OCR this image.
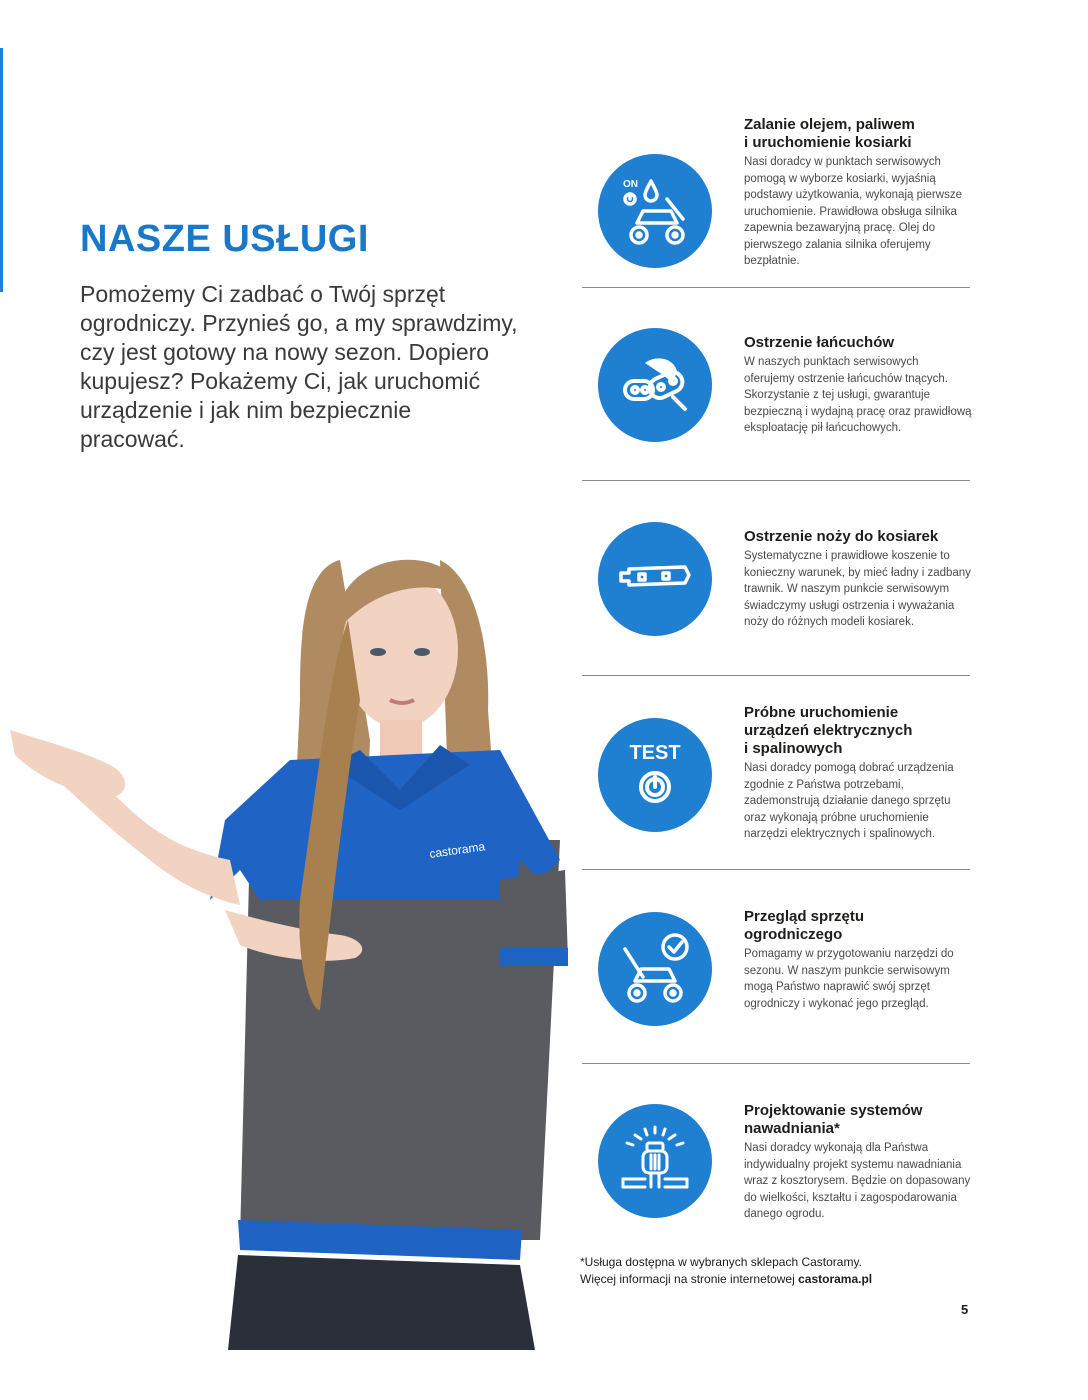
NASZE USŁUGI

Pomożemy Ci zadbać o Twój sprzęt ogrodniczy. Przynieś go, a my sprawdzimy, czy jest gotowy na nowy sezon. Dopiero kupujesz? Pokażemy Ci, jak uruchomić urządzenie i jak nim bezpiecznie pracować.

castorama
ON
Zalanie olejem, paliwem
i uruchomienie kosiarki

Nasi doradcy w punktach serwisowych pomogą w wyborze kosiarki, wyjaśnią podstawy użytkowania, wykonają pierwsze uruchomienie. Prawidłowa obsługa silnika zapewnia bezawaryjną pracę. Olej do pierwszego zalania silnika oferujemy bezpłatnie.

Ostrzenie łańcuchów

W naszych punktach serwisowych oferujemy ostrzenie łańcuchów tnących. Skorzystanie z tej usługi, gwarantuje bezpieczną i wydajną pracę oraz prawidłową eksploatację pił łańcuchowych.

Ostrzenie noży do kosiarek

Systematyczne i prawidłowe koszenie to konieczny warunek, by mieć ładny i zadbany trawnik. W naszym punkcie serwisowym świadczymy usługi ostrzenia i wyważania noży do różnych modeli kosiarek.

TEST
Próbne uruchomienie
urządzeń elektrycznych
i spalinowych

Nasi doradcy pomogą dobrać urządzenia zgodnie z Państwa potrzebami, zademonstrują działanie danego sprzętu oraz wykonają próbne uruchomienie narzędzi elektrycznych i spalinowych.

Przegląd sprzętu
ogrodniczego

Pomagamy w przygotowaniu narzędzi do sezonu. W naszym punkcie serwisowym mogą Państwo naprawić swój sprzęt ogrodniczy i wykonać jego przegląd.

Projektowanie systemów
nawadniania*

Nasi doradcy wykonają dla Państwa indywidualny projekt systemu nawadniania wraz z kosztorysem. Będzie on dopasowany do wielkości, kształtu i zagospodarowania danego ogrodu.

*Usługa dostępna w wybranych sklepach Castoramy.
Więcej informacji na stronie internetowej castorama.pl
5
